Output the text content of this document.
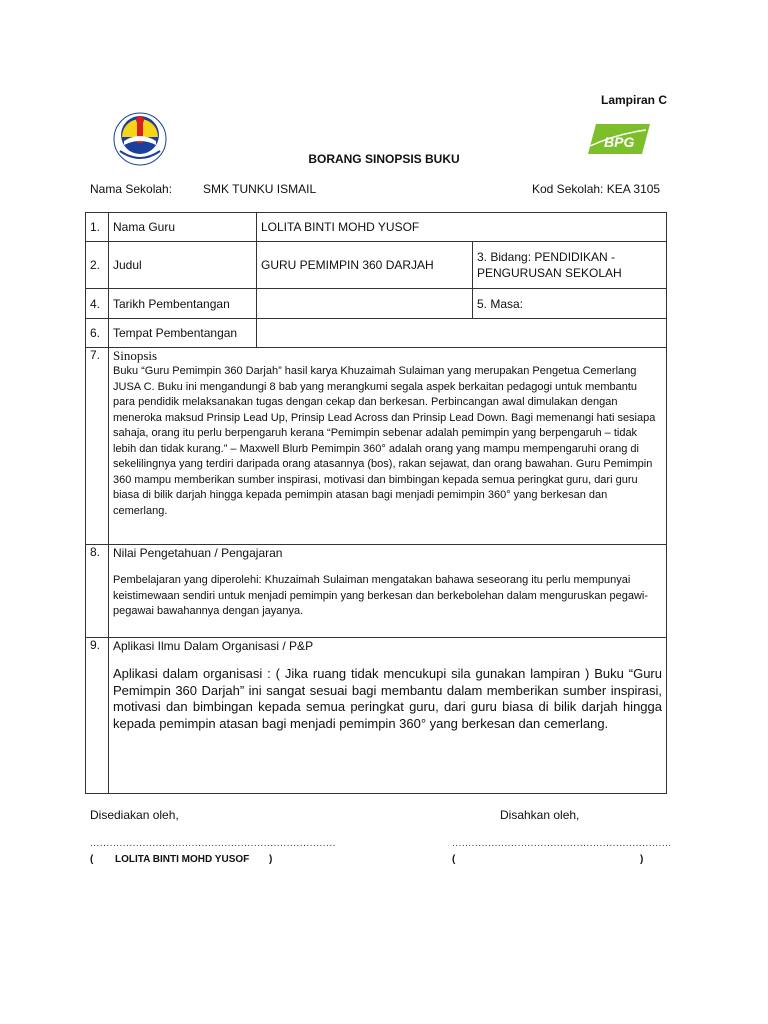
Lampiran C
BPG
BORANG SINOPSIS BUKU
Nama Sekolah:	SMK TUNKU ISMAIL	Kod Sekolah: KEA 3105
1.	Nama Guru	LOLITA BINTI MOHD YUSOF	
2.	Judul	GURU PEMIMPIN 360 DARJAH	3. Bidang: PENDIDIKAN -
PENGURUSAN SEKOLAH

4.	Tarikh Pembentangan		5. Masa:
6.	Tempat Pembentangan		
7.	Sinopsis
Buku “Guru Pemimpin 360 Darjah” hasil karya Khuzaimah Sulaiman yang merupakan Pengetua Cemerlang JUSA C. Buku ini mengandungi 8 bab yang merangkumi segala aspek berkaitan pedagogi untuk membantu para pendidik melaksanakan tugas dengan cekap dan berkesan. Perbincangan awal dimulakan dengan meneroka maksud Prinsip Lead Up, Prinsip Lead Across dan Prinsip Lead Down. Bagi memenangi hati sesiapa sahaja, orang itu perlu berpengaruh kerana “Pemimpin sebenar adalah pemimpin yang berpengaruh – tidak lebih dan tidak kurang.” – Maxwell Blurb Pemimpin 360° adalah orang yang mampu mempengaruhi orang di sekelilingnya yang terdiri daripada orang atasannya (bos), rakan sejawat, dan orang bawahan. Guru Pemimpin 360 mampu memberikan sumber inspirasi, motivasi dan bimbingan kepada semua peringkat guru, dari guru biasa di bilik darjah hingga kepada pemimpin atasan bagi menjadi pemimpin 360° yang berkesan dan cemerlang.		

8.	Nilai Pengetahuan / Pengajaran
Pembelajaran yang diperolehi: Khuzaimah Sulaiman mengatakan bahawa seseorang itu perlu mempunyai keistimewaan sendiri untuk menjadi pemimpin yang berkesan dan berkebolehan dalam menguruskan pegawi-pegawai bawahannya dengan jayanya.		

9.	Aplikasi Ilmu Dalam Organisasi / P&P
Aplikasi dalam organisasi : ( Jika ruang tidak mencukupi sila gunakan lampiran ) Buku “Guru Pemimpin 360 Darjah” ini sangat sesuai bagi membantu dalam memberikan sumber inspirasi, motivasi dan bimbingan kepada semua peringkat guru, dari guru biasa di bilik darjah hingga kepada pemimpin atasan bagi menjadi pemimpin 360° yang berkesan dan cemerlang.		
Disediakan oleh,	Disahkan oleh,
...........................................................................	...................................................................
( LOLITA BINTI MOHD YUSOF )	(	)
